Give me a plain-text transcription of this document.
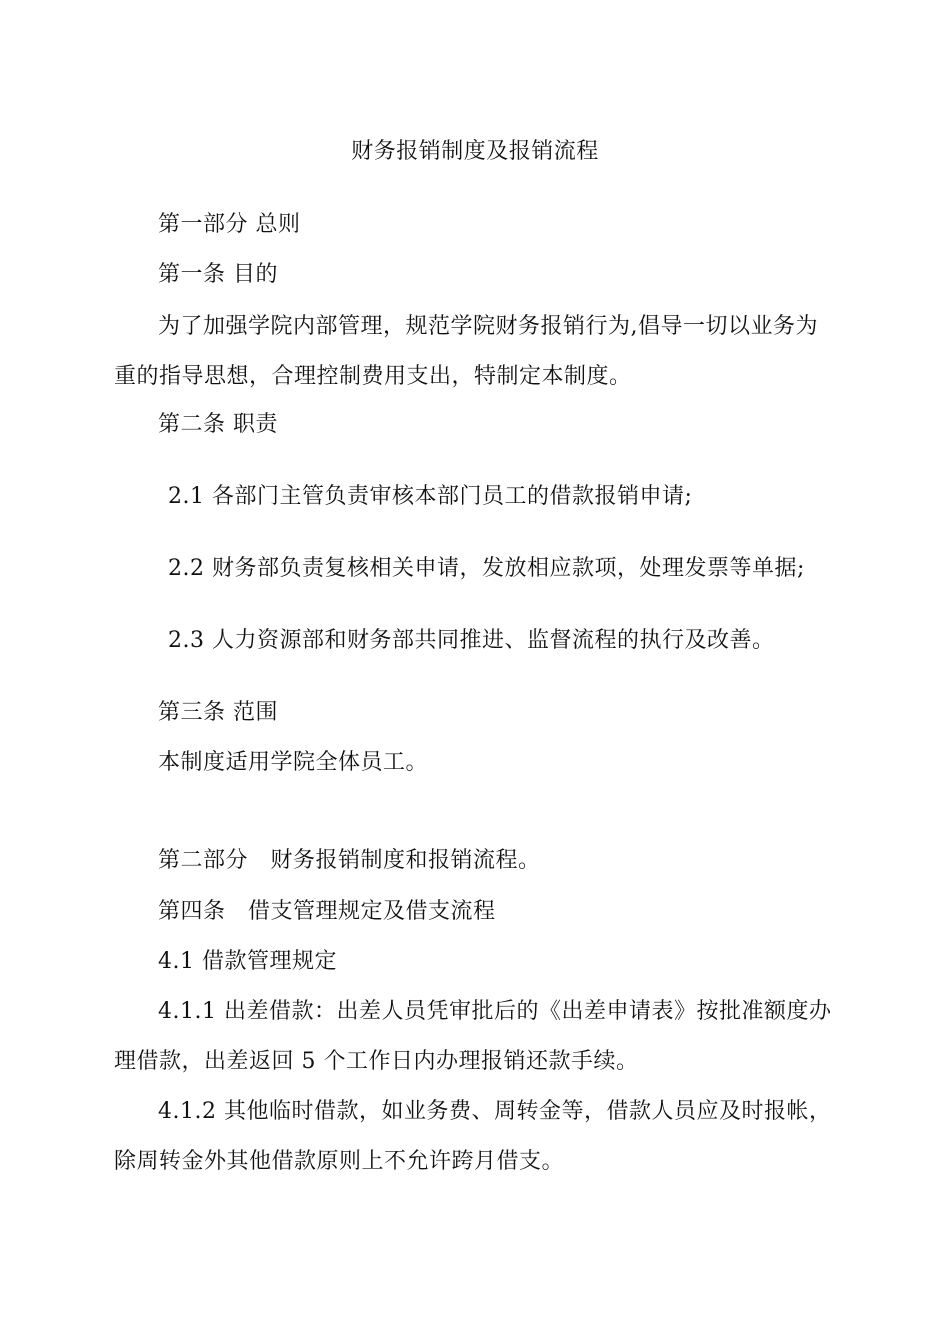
财务报销制度及报销流程
第一部分 总则
第一条 目的
为了加强学院内部管理，规范学院财务报销行为,倡导一切以业务为
重的指导思想，合理控制费用支出，特制定本制度。
第二条 职责
2.1 各部门主管负责审核本部门员工的借款报销申请;
2.2 财务部负责复核相关申请，发放相应款项，处理发票等单据;
2.3 人力资源部和财务部共同推进、监督流程的执行及改善。
第三条 范围
本制度适用学院全体员工。
第二部分　财务报销制度和报销流程。
第四条　借支管理规定及借支流程
4.1 借款管理规定
4.1.1 出差借款：出差人员凭审批后的《出差申请表》按批准额度办
理借款，出差返回 5 个工作日内办理报销还款手续。
4.1.2 其他临时借款，如业务费、周转金等，借款人员应及时报帐，
除周转金外其他借款原则上不允许跨月借支。
